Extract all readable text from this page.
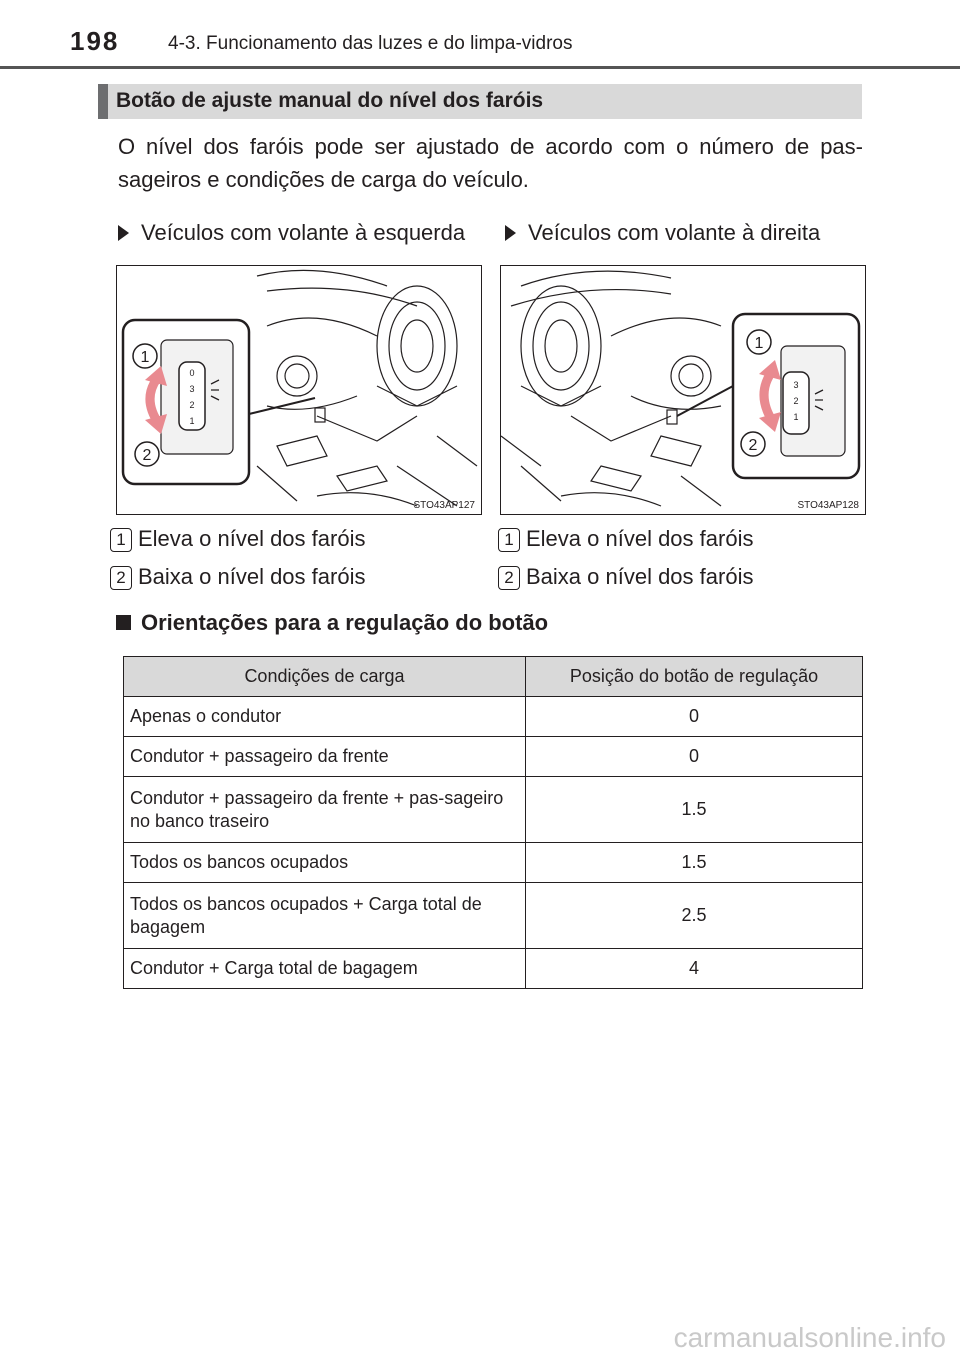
198	4-3. Funcionamento das luzes e do limpa-vidros
Botão de ajuste manual do nível dos faróis
O nível dos faróis pode ser ajustado de acordo com o número de pas-sageiros e condições de carga do veículo.
Veículos com volante à esquerda
0
3
2
1
1
2
STO43AP127
Veículos com volante à direita
3
2
1
1
2
STO43AP128
1 Eleva o nível dos faróis
2 Baixa o nível dos faróis
1 Eleva o nível dos faróis
2 Baixa o nível dos faróis
Orientações para a regulação do botão
Condições de carga	Posição do botão de regulação
Apenas o condutor	0
Condutor + passageiro da frente	0
Condutor + passageiro da frente + pas-sageiro no banco traseiro	1.5
Todos os bancos ocupados	1.5
Todos os bancos ocupados + Carga total de bagagem	2.5
Condutor + Carga total de bagagem	4
carmanualsonline.info
